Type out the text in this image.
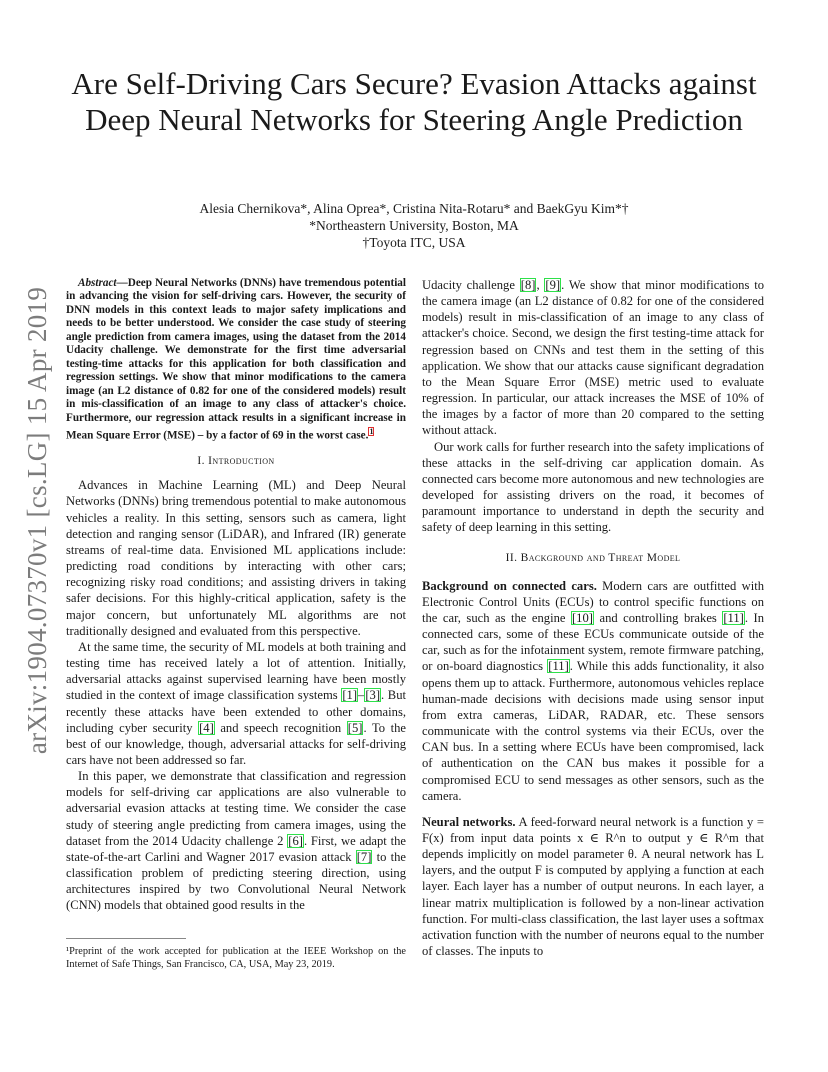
arXiv:1904.07370v1 [cs.LG] 15 Apr 2019
Are Self-Driving Cars Secure? Evasion Attacks against Deep Neural Networks for Steering Angle Prediction
Alesia Chernikova*, Alina Oprea*, Cristina Nita-Rotaru* and BaekGyu Kim*†
*Northeastern University, Boston, MA
†Toyota ITC, USA

Abstract—Deep Neural Networks (DNNs) have tremendous potential in advancing the vision for self-driving cars. However, the security of DNN models in this context leads to major safety implications and needs to be better understood. We consider the case study of steering angle prediction from camera images, using the dataset from the 2014 Udacity challenge. We demonstrate for the first time adversarial testing-time attacks for this application for both classification and regression settings. We show that minor modifications to the camera image (an L2 distance of 0.82 for one of the considered models) result in mis-classification of an image to any class of attacker's choice. Furthermore, our regression attack results in a significant increase in Mean Square Error (MSE) – by a factor of 69 in the worst case.$^1$

I. Introduction

Advances in Machine Learning (ML) and Deep Neural Networks (DNNs) bring tremendous potential to make autonomous vehicles a reality. In this setting, sensors such as camera, light detection and ranging sensor (LiDAR), and Infrared (IR) generate streams of real-time data. Envisioned ML applications include: predicting road conditions by interacting with other cars; recognizing risky road conditions; and assisting drivers in taking safer decisions. For this highly-critical application, safety is the major concern, but unfortunately ML algorithms are not traditionally designed and evaluated from this perspective.

At the same time, the security of ML models at both training and testing time has received lately a lot of attention. Initially, adversarial attacks against supervised learning have been mostly studied in the context of image classification systems [1]–[3]. But recently these attacks have been extended to other domains, including cyber security [4] and speech recognition [5]. To the best of our knowledge, though, adversarial attacks for self-driving cars have not been addressed so far.

In this paper, we demonstrate that classification and regression models for self-driving car applications are also vulnerable to adversarial evasion attacks at testing time. We consider the case study of steering angle predicting from camera images, using the dataset from the 2014 Udacity challenge 2 [6]. First, we adapt the state-of-the-art Carlini and Wagner 2017 evasion attack [7] to the classification problem of predicting steering direction, using architectures inspired by two Convolutional Neural Network (CNN) models that obtained good results in the

¹Preprint of the work accepted for publication at the IEEE Workshop on the Internet of Safe Things, San Francisco, CA, USA, May 23, 2019.

Udacity challenge [8], [9]. We show that minor modifications to the camera image (an L2 distance of 0.82 for one of the considered models) result in mis-classification of an image to any class of attacker's choice. Second, we design the first testing-time attack for regression based on CNNs and test them in the setting of this application. We show that our attacks cause significant degradation to the Mean Square Error (MSE) metric used to evaluate regression. In particular, our attack increases the MSE of 10% of the images by a factor of more than 20 compared to the setting without attack.

Our work calls for further research into the safety implications of these attacks in the self-driving car application domain. As connected cars become more autonomous and new technologies are developed for assisting drivers on the road, it becomes of paramount importance to understand in depth the security and safety of deep learning in this setting.

II. Background and Threat Model

Background on connected cars. Modern cars are outfitted with Electronic Control Units (ECUs) to control specific functions on the car, such as the engine [10] and controlling brakes [11]. In connected cars, some of these ECUs communicate outside of the car, such as for the infotainment system, remote firmware patching, or on-board diagnostics [11]. While this adds functionality, it also opens them up to attack. Furthermore, autonomous vehicles replace human-made decisions with decisions made using sensor input from extra cameras, LiDAR, RADAR, etc. These sensors communicate with the control systems via their ECUs, over the CAN bus. In a setting where ECUs have been compromised, lack of authentication on the CAN bus makes it possible for a compromised ECU to send messages as other sensors, such as the camera.

Neural networks. A feed-forward neural network is a function y = F(x) from input data points x ∈ R^n to output y ∈ R^m that depends implicitly on model parameter θ. A neural network has L layers, and the output F is computed by applying a function at each layer. Each layer has a number of output neurons. In each layer, a linear matrix multiplication is followed by a non-linear activation function. For multi-class classification, the last layer uses a softmax activation function with the number of neurons equal to the number of classes. The inputs to
